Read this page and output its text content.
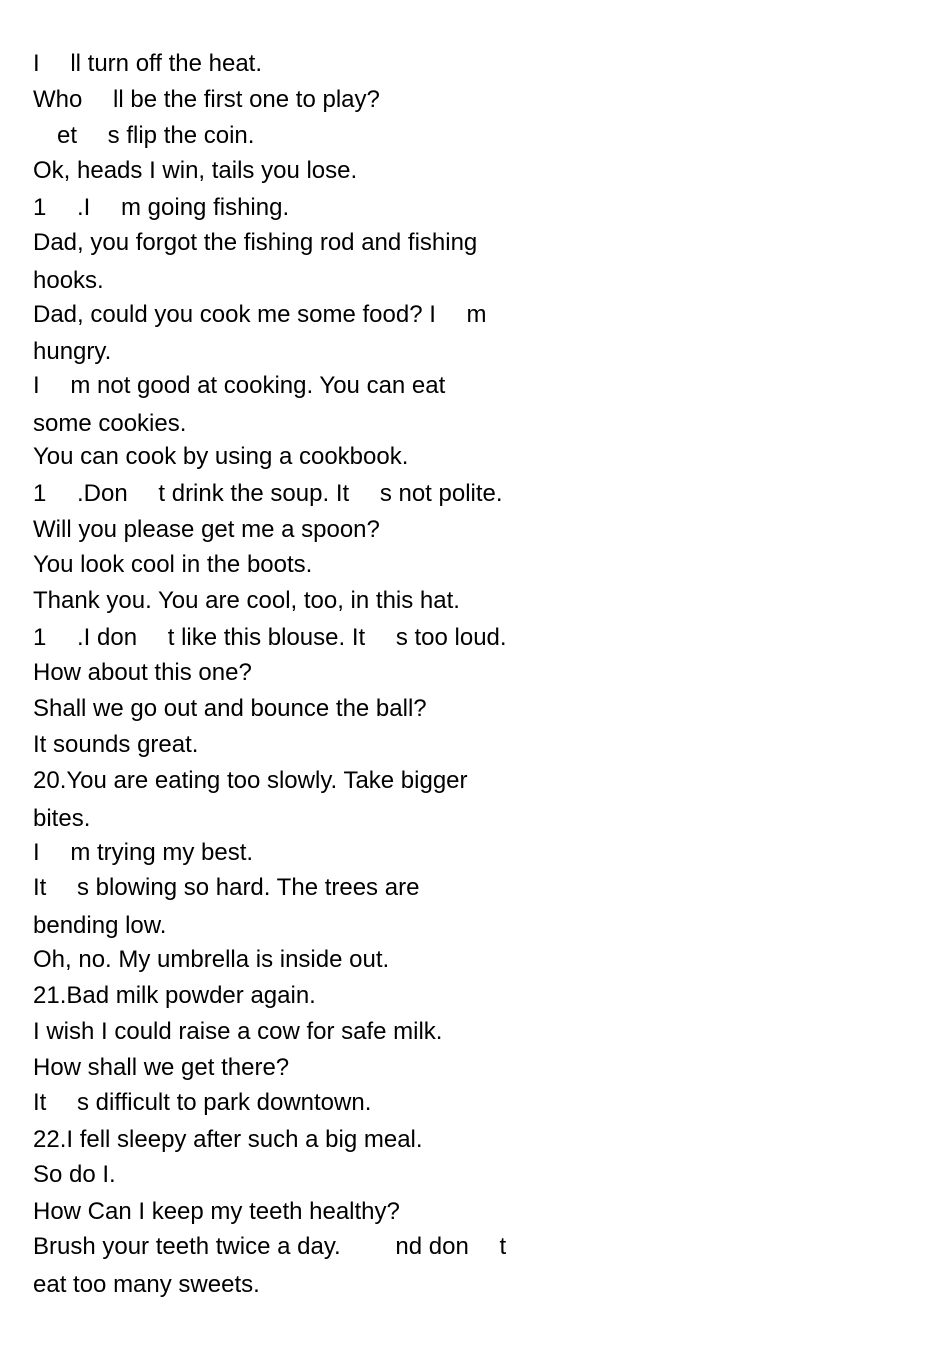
I  ll turn off the heat.

Who  ll be the first one to play?

 et  s flip the coin.

Ok, heads I win, tails you lose.

1  .I  m going fishing.

Dad, you forgot the fishing rod and fishing

hooks.

Dad, could you cook me some food? I  m

hungry.

I  m not good at cooking. You can eat

some cookies.

You can cook by using a cookbook.

1  .Don  t drink the soup. It  s not polite.

Will you please get me a spoon?

You look cool in the boots.

Thank you. You are cool, too, in this hat.

1  .I don  t like this blouse. It  s too loud.

How about this one?

Shall we go out and bounce the ball?

It sounds great.

20.You are eating too slowly. Take bigger

bites.

I  m trying my best.

It  s blowing so hard. The trees are

bending low.

Oh, no. My umbrella is inside out.

21.Bad milk powder again.

I wish I could raise a cow for safe milk.

How shall we get there?

It  s difficult to park downtown.

22.I fell sleepy after such a big meal.

So do I.

How Can I keep my teeth healthy?

Brush your teeth twice a day.   nd don  t

eat too many sweets.
